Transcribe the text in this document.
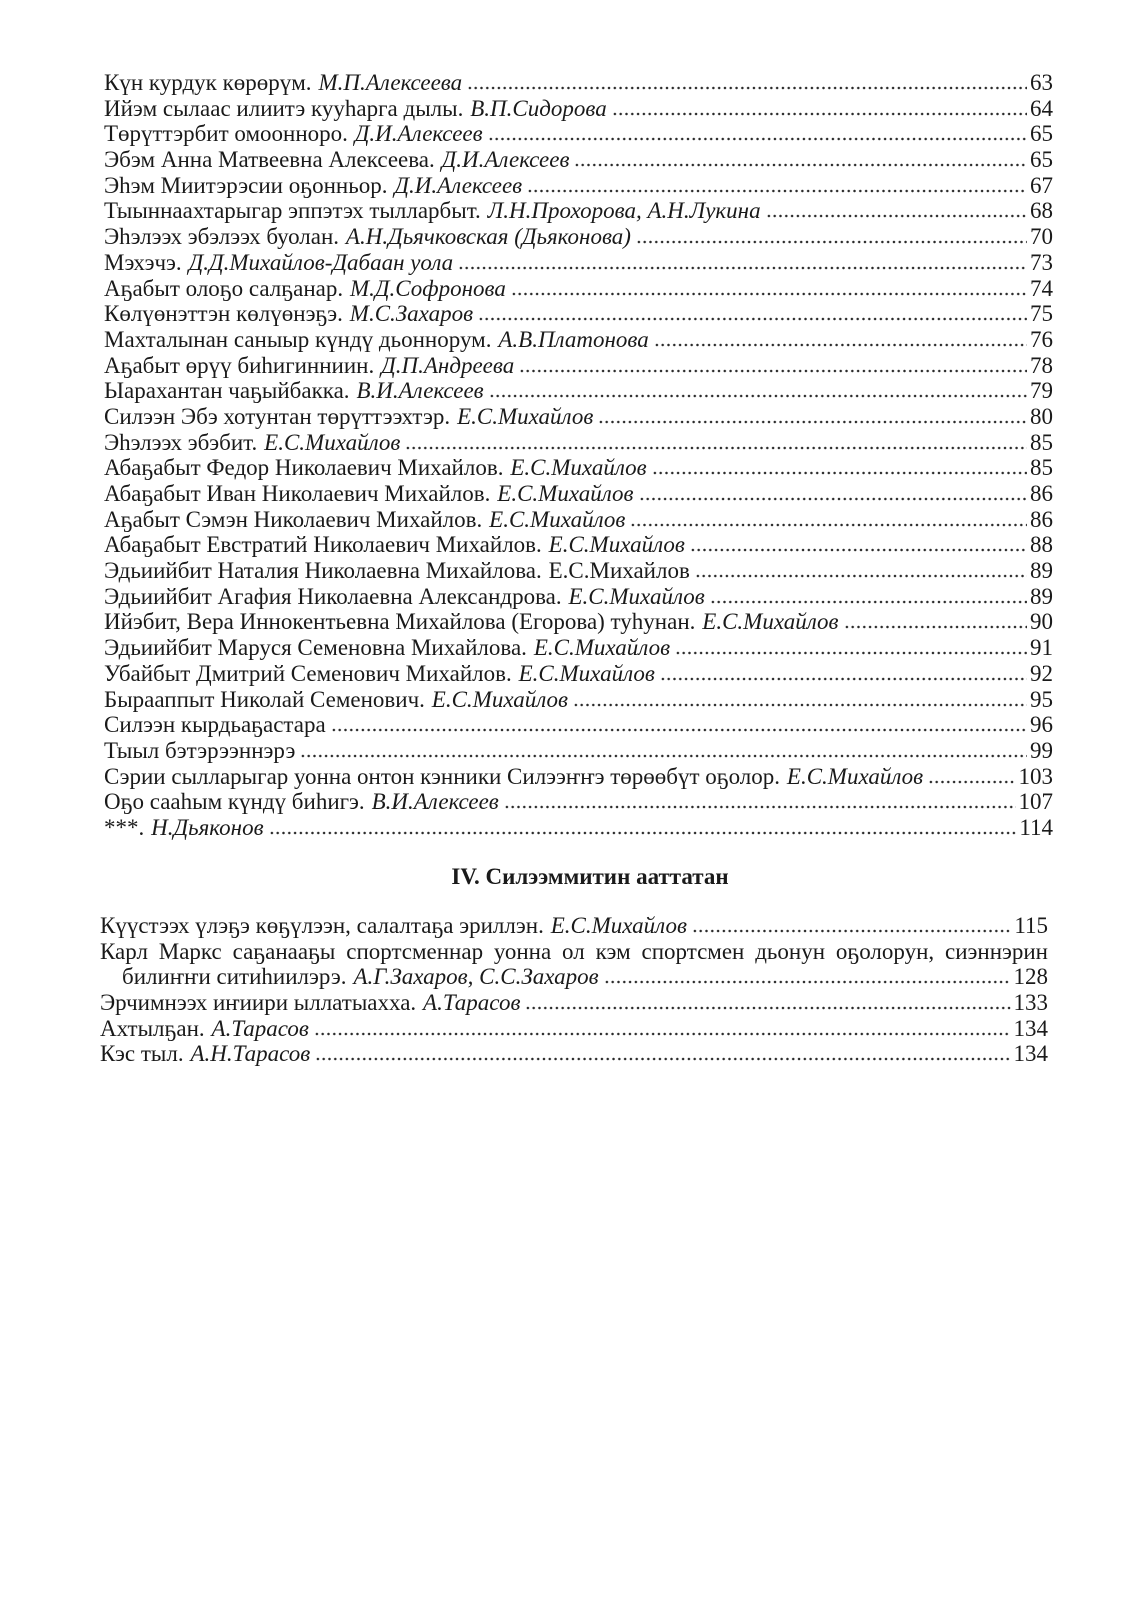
Күн курдук көрөрүм. М.П.Алексеева	63
Ийэм сылаас илиитэ кууһарга дылы. В.П.Сидорова	64
Төрүттэрбит омоонноро. Д.И.Алексеев	65
Эбэм Анна Матвеевна Алексеева. Д.И.Алексеев	65
Эһэм Миитэрэсии оҕонньор. Д.И.Алексеев	67
Тыыннаахтарыгар эппэтэх тылларбыт. Л.Н.Прохорова, А.Н.Лукина	68
Эһэлээх эбэлээх буолан. А.Н.Дьячковская (Дьяконова)	70
Мэхэчэ. Д.Д.Михайлов-Дабаан уола	73
Аҕабыт олоҕо салҕанар. М.Д.Софронова	74
Көлүөнэттэн көлүөнэҕэ. М.С.Захаров	75
Махталынан саныыр күндү дьоннорум. А.В.Платонова	76
Аҕабыт өрүү биһигинниин. Д.П.Андреева	78
Ыарахантан чаҕыйбакка. В.И.Алексеев	79
Силээн Эбэ хотунтан төрүттээхтэр. Е.С.Михайлов	80
Эһэлээх эбэбит. Е.С.Михайлов	85
Абаҕабыт Федор Николаевич Михайлов. Е.С.Михайлов	85
Абаҕабыт Иван Николаевич Михайлов. Е.С.Михайлов	86
Аҕабыт Сэмэн Николаевич Михайлов. Е.С.Михайлов	86
Абаҕабыт Евстратий Николаевич Михайлов. Е.С.Михайлов	88
Эдьиийбит Наталия Николаевна Михайлова. Е.С.Михайлов	89
Эдьиийбит Агафия Николаевна Александрова. Е.С.Михайлов	89
Ийэбит, Вера Иннокентьевна Михайлова (Егорова) туһунан. Е.С.Михайлов	90
Эдьиийбит Маруся Семеновна Михайлова. Е.С.Михайлов	91
Убайбыт Дмитрий Семенович Михайлов. Е.С.Михайлов	92
Бырааппыт Николай Семенович. Е.С.Михайлов	95
Силээн кырдьаҕастара	96
Тыыл бэтэрээннэрэ	99
Сэрии сылларыгар уонна онтон кэнники Силээҥҥэ төрөөбүт оҕолор. Е.С.Михайлов	103
Оҕо сааһым күндү биһигэ. В.И.Алексеев	107
***. Н.Дьяконов	114
IV. Силээммитин ааттатан
Күүстээх үлэҕэ көҕүлээн, салалтаҕа эриллэн. Е.С.Михайлов	115
Карл Маркс саҕанааҕы спортсменнар уонна ол кэм спортсмен дьонун оҕолорун, сиэннэрин
билиҥҥи ситиһиилэрэ. А.Г.Захаров, С.С.Захаров	128
Эрчимнээх иҥиири ыллатыахха. А.Тарасов	133
Ахтылҕан. А.Тарасов	134
Кэс тыл. А.Н.Тарасов	134
